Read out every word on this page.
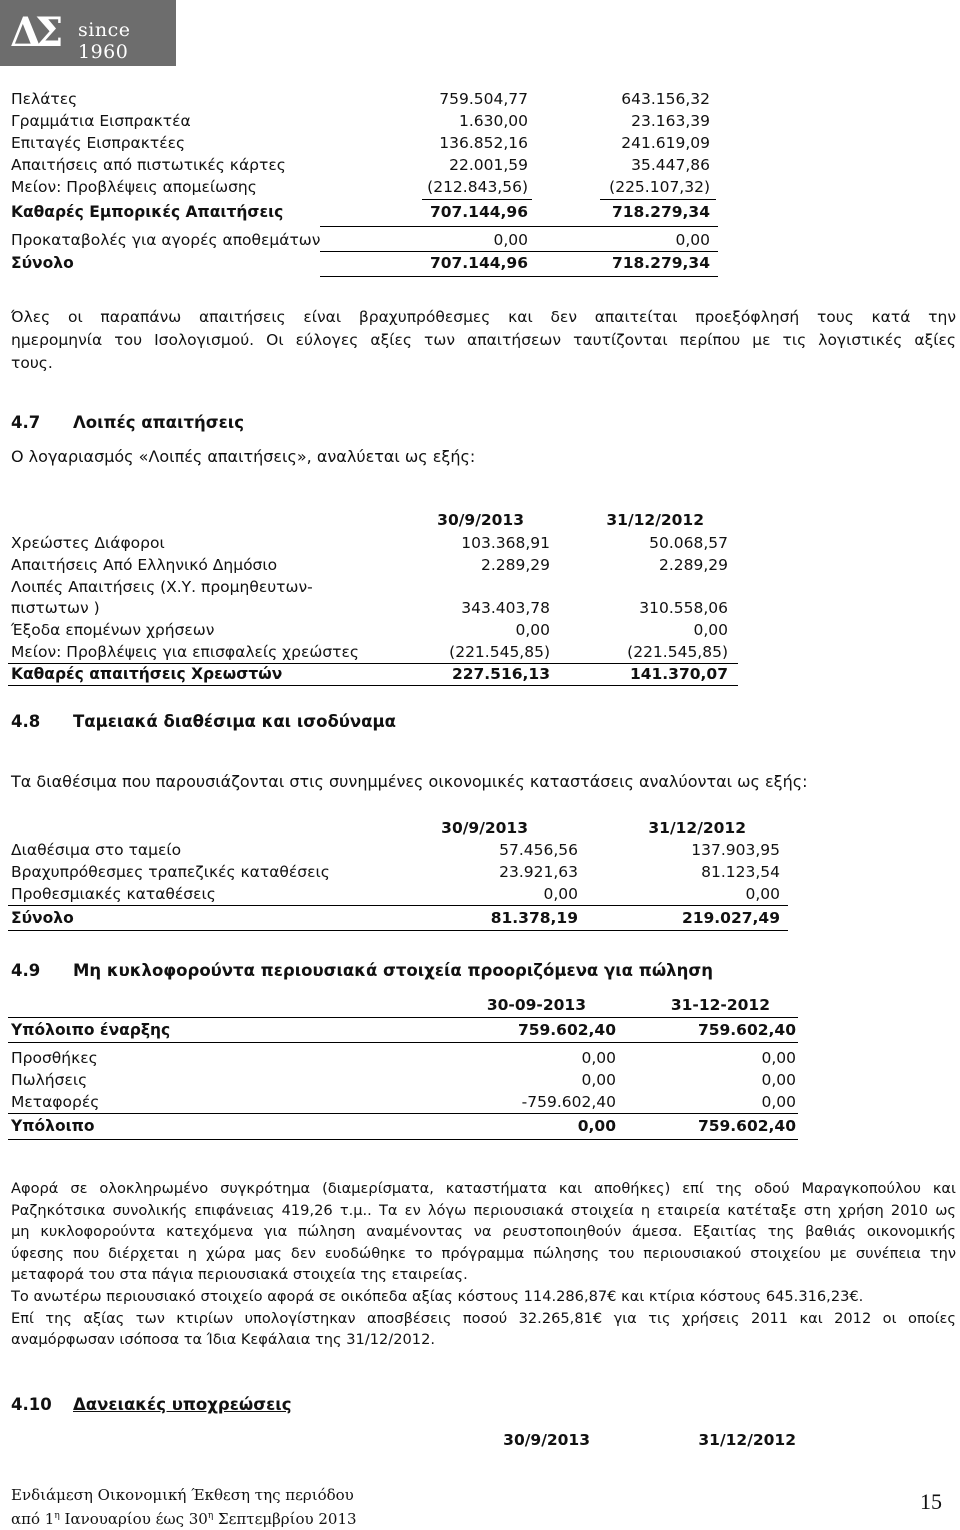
ΔΣ since 1960
Πελάτες	759.504,77	643.156,32
Γραμμάτια Εισπρακτέα	1.630,00	23.163,39
Επιταγές Εισπρακτέες	136.852,16	241.619,09
Απαιτήσεις από πιστωτικές κάρτες	22.001,59	35.447,86
Μείον: Προβλέψεις απομείωσης	(212.843,56)	(225.107,32)
Καθαρές Εμπορικές Απαιτήσεις	707.144,96	718.279,34
Προκαταβολές για αγορές αποθεμάτων	0,00	0,00
Σύνολο	707.144,96	718.279,34
Όλες οι παραπάνω απαιτήσεις είναι βραχυπρόθεσμες και δεν απαιτείται προεξόφλησή τους κατά την
ημερομηνία του Ισολογισμού. Οι εύλογες αξίες των απαιτήσεων ταυτίζονται περίπου με τις λογιστικές αξίες
τους.
4.7 Λοιπές απαιτήσεις
Ο λογαριασμός «Λοιπές απαιτήσεις», αναλύεται ως εξής:
30/9/2013	31/12/2012
Χρεώστες Διάφοροι	103.368,91	50.068,57
Απαιτήσεις Από Ελληνικό Δημόσιο	2.289,29	2.289,29
Λοιπές Απαιτήσεις (Χ.Υ. προμηθευτων-
πιστωτων )	343.403,78	310.558,06
Έξοδα επομένων χρήσεων	0,00	0,00
Μείον: Προβλέψεις για επισφαλείς χρεώστες	(221.545,85)	(221.545,85)
Καθαρές απαιτήσεις Χρεωστών	227.516,13	141.370,07
4.8 Ταμειακά διαθέσιμα και ισοδύναμα
Τα διαθέσιμα που παρουσιάζονται στις συνημμένες οικονομικές καταστάσεις αναλύονται ως εξής:
30/9/2013	31/12/2012
Διαθέσιμα στο ταμείο	57.456,56	137.903,95
Βραχυπρόθεσμες τραπεζικές καταθέσεις	23.921,63	81.123,54
Προθεσμιακές καταθέσεις	0,00	0,00
Σύνολο	81.378,19	219.027,49
4.9 Μη κυκλοφορούντα περιουσιακά στοιχεία προοριζόμενα για πώληση
30-09-2013	31-12-2012
Υπόλοιπο έναρξης	759.602,40	759.602,40
Προσθήκες	0,00	0,00
Πωλήσεις	0,00	0,00
Μεταφορές	-759.602,40	0,00
Υπόλοιπο	0,00	759.602,40
Αφορά σε ολοκληρωμένο συγκρότημα (διαμερίσματα, καταστήματα και αποθήκες) επί της οδού Μαραγκοπούλου και
Ραζηκότσικα συνολικής επιφάνειας 419,26 τ.μ.. Τα εν λόγω περιουσιακά στοιχεία η εταιρεία κατέταξε στη χρήση 2010 ως
μη κυκλοφορούντα κατεχόμενα για πώληση αναμένοντας να ρευστοποιηθούν άμεσα. Εξαιτίας της βαθιάς οικονομικής
ύφεσης που διέρχεται η χώρα μας δεν ευοδώθηκε το πρόγραμμα πώλησης του περιουσιακού στοιχείου με συνέπεια την
μεταφορά του στα πάγια περιουσιακά στοιχεία της εταιρείας.
Το ανωτέρω περιουσιακό στοιχείο αφορά σε οικόπεδα αξίας κόστους 114.286,87€ και κτίρια κόστους 645.316,23€.
Επί της αξίας των κτιρίων υπολογίστηκαν αποσβέσεις ποσού 32.265,81€ για τις χρήσεις 2011 και 2012 οι οποίες
αναμόρφωσαν ισόποσα τα Ίδια Κεφάλαια της 31/12/2012.
4.10 Δανειακές υποχρεώσεις
30/9/2013	31/12/2012
Ενδιάμεση Οικονομική Έκθεση της περιόδου
από $1^\eta$ Ιανουαρίου έως $30^\eta$ Σεπτεμβρίου 2013
15
